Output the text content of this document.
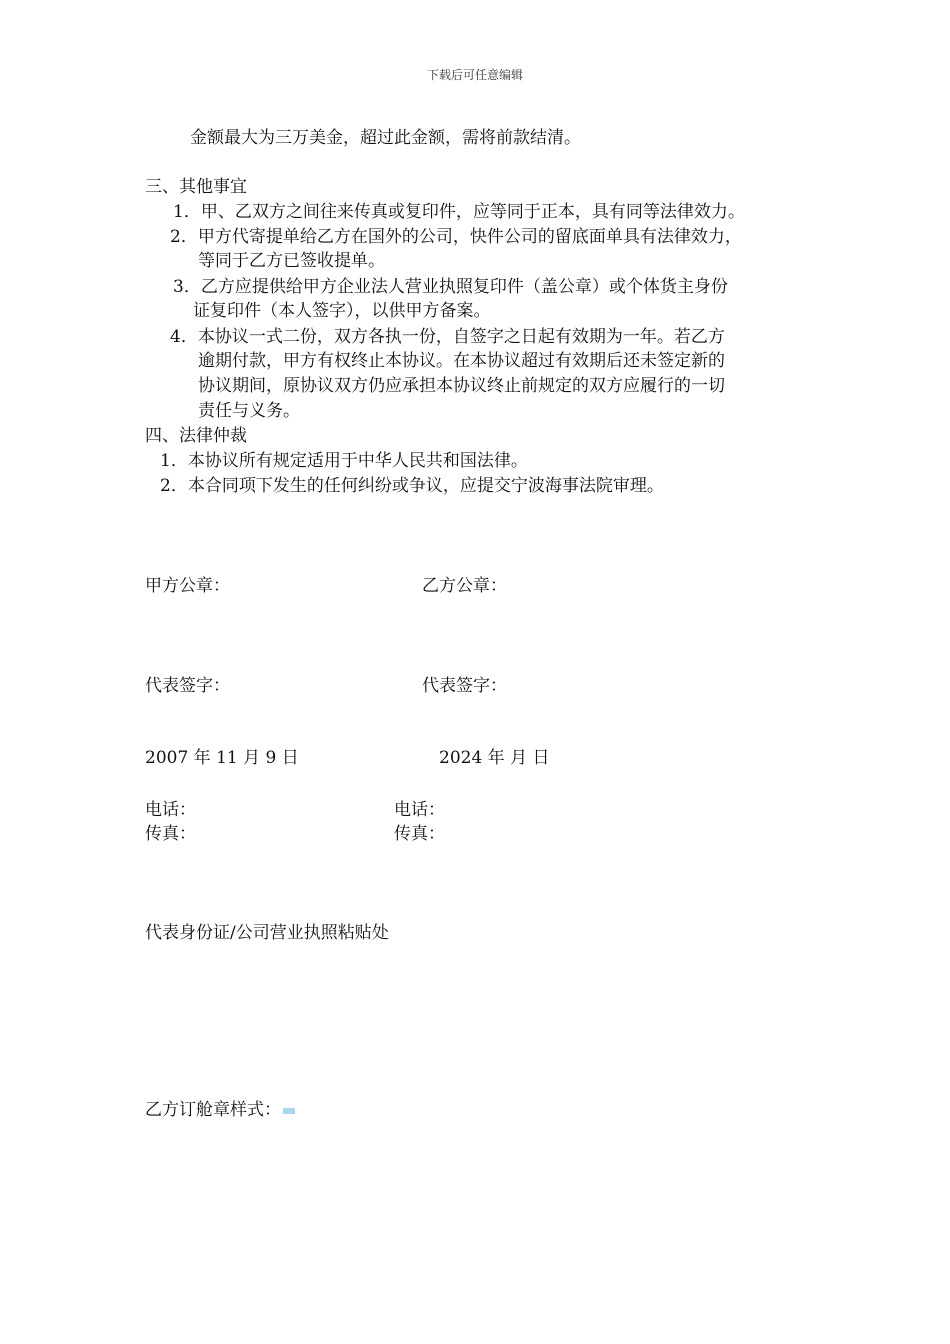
下载后可任意编辑
金额最大为三万美金，超过此金额，需将前款结清。
三、其他事宜
1．甲、乙双方之间往来传真或复印件，应等同于正本，具有同等法律效力。
2．甲方代寄提单给乙方在国外的公司，快件公司的留底面单具有法律效力，
等同于乙方已签收提单。
3．乙方应提供给甲方企业法人营业执照复印件（盖公章）或个体货主身份
证复印件（本人签字），以供甲方备案。
4．本协议一式二份，双方各执一份，自签字之日起有效期为一年。若乙方
逾期付款，甲方有权终止本协议。在本协议超过有效期后还未签定新的
协议期间，原协议双方仍应承担本协议终止前规定的双方应履行的一切
责任与义务。
四、法律仲裁
1．本协议所有规定适用于中华人民共和国法律。
2．本合同项下发生的任何纠纷或争议，应提交宁波海事法院审理。
甲方公章：	乙方公章：
代表签字：	代表签字：
2007 年 11 月 9 日	2024 年 月 日
电话：	电话：
传真：	传真：
代表身份证/公司营业执照粘贴处
乙方订舱章样式：
